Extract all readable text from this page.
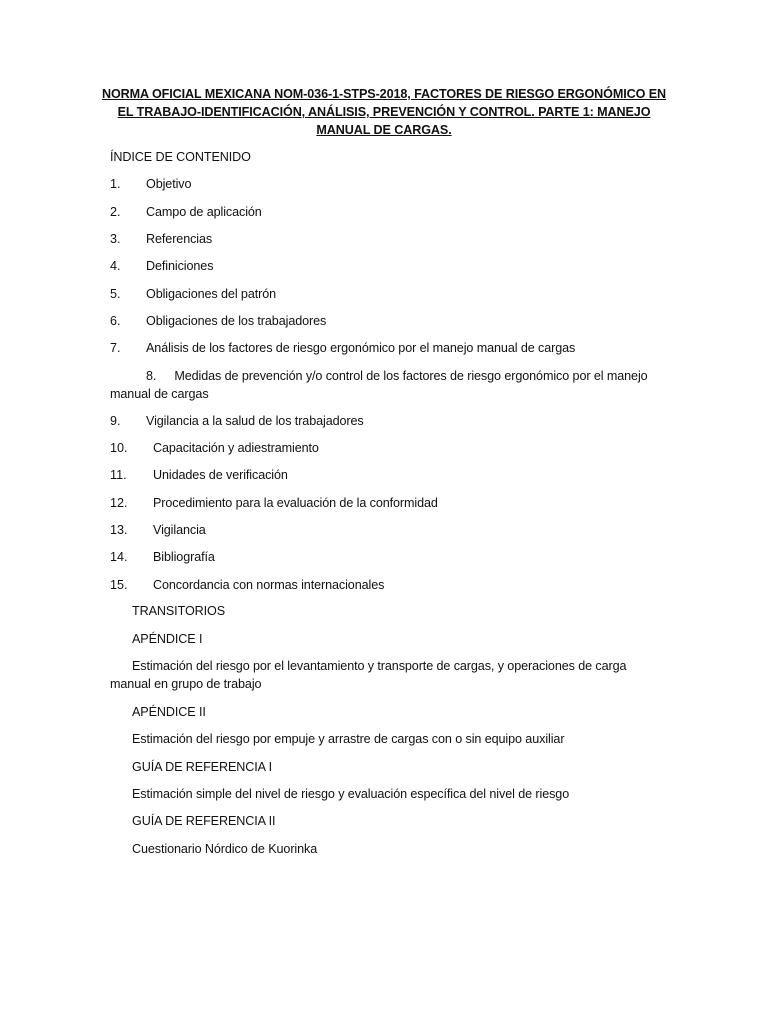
NORMA OFICIAL MEXICANA NOM-036-1-STPS-2018, FACTORES DE RIESGO ERGONÓMICO EN EL TRABAJO-IDENTIFICACIÓN, ANÁLISIS, PREVENCIÓN Y CONTROL. PARTE 1: MANEJO MANUAL DE CARGAS.
ÍNDICE DE CONTENIDO
1. Objetivo
2. Campo de aplicación
3. Referencias
4. Definiciones
5. Obligaciones del patrón
6. Obligaciones de los trabajadores
7. Análisis de los factores de riesgo ergonómico por el manejo manual de cargas
8. Medidas de prevención y/o control de los factores de riesgo ergonómico por el manejo manual de cargas
9. Vigilancia a la salud de los trabajadores
10. Capacitación y adiestramiento
11. Unidades de verificación
12. Procedimiento para la evaluación de la conformidad
13. Vigilancia
14. Bibliografía
15. Concordancia con normas internacionales
TRANSITORIOS
APÉNDICE I
Estimación del riesgo por el levantamiento y transporte de cargas, y operaciones de carga manual en grupo de trabajo
APÉNDICE II
Estimación del riesgo por empuje y arrastre de cargas con o sin equipo auxiliar
GUÍA DE REFERENCIA I
Estimación simple del nivel de riesgo y evaluación específica del nivel de riesgo
GUÍA DE REFERENCIA II
Cuestionario Nórdico de Kuorinka
